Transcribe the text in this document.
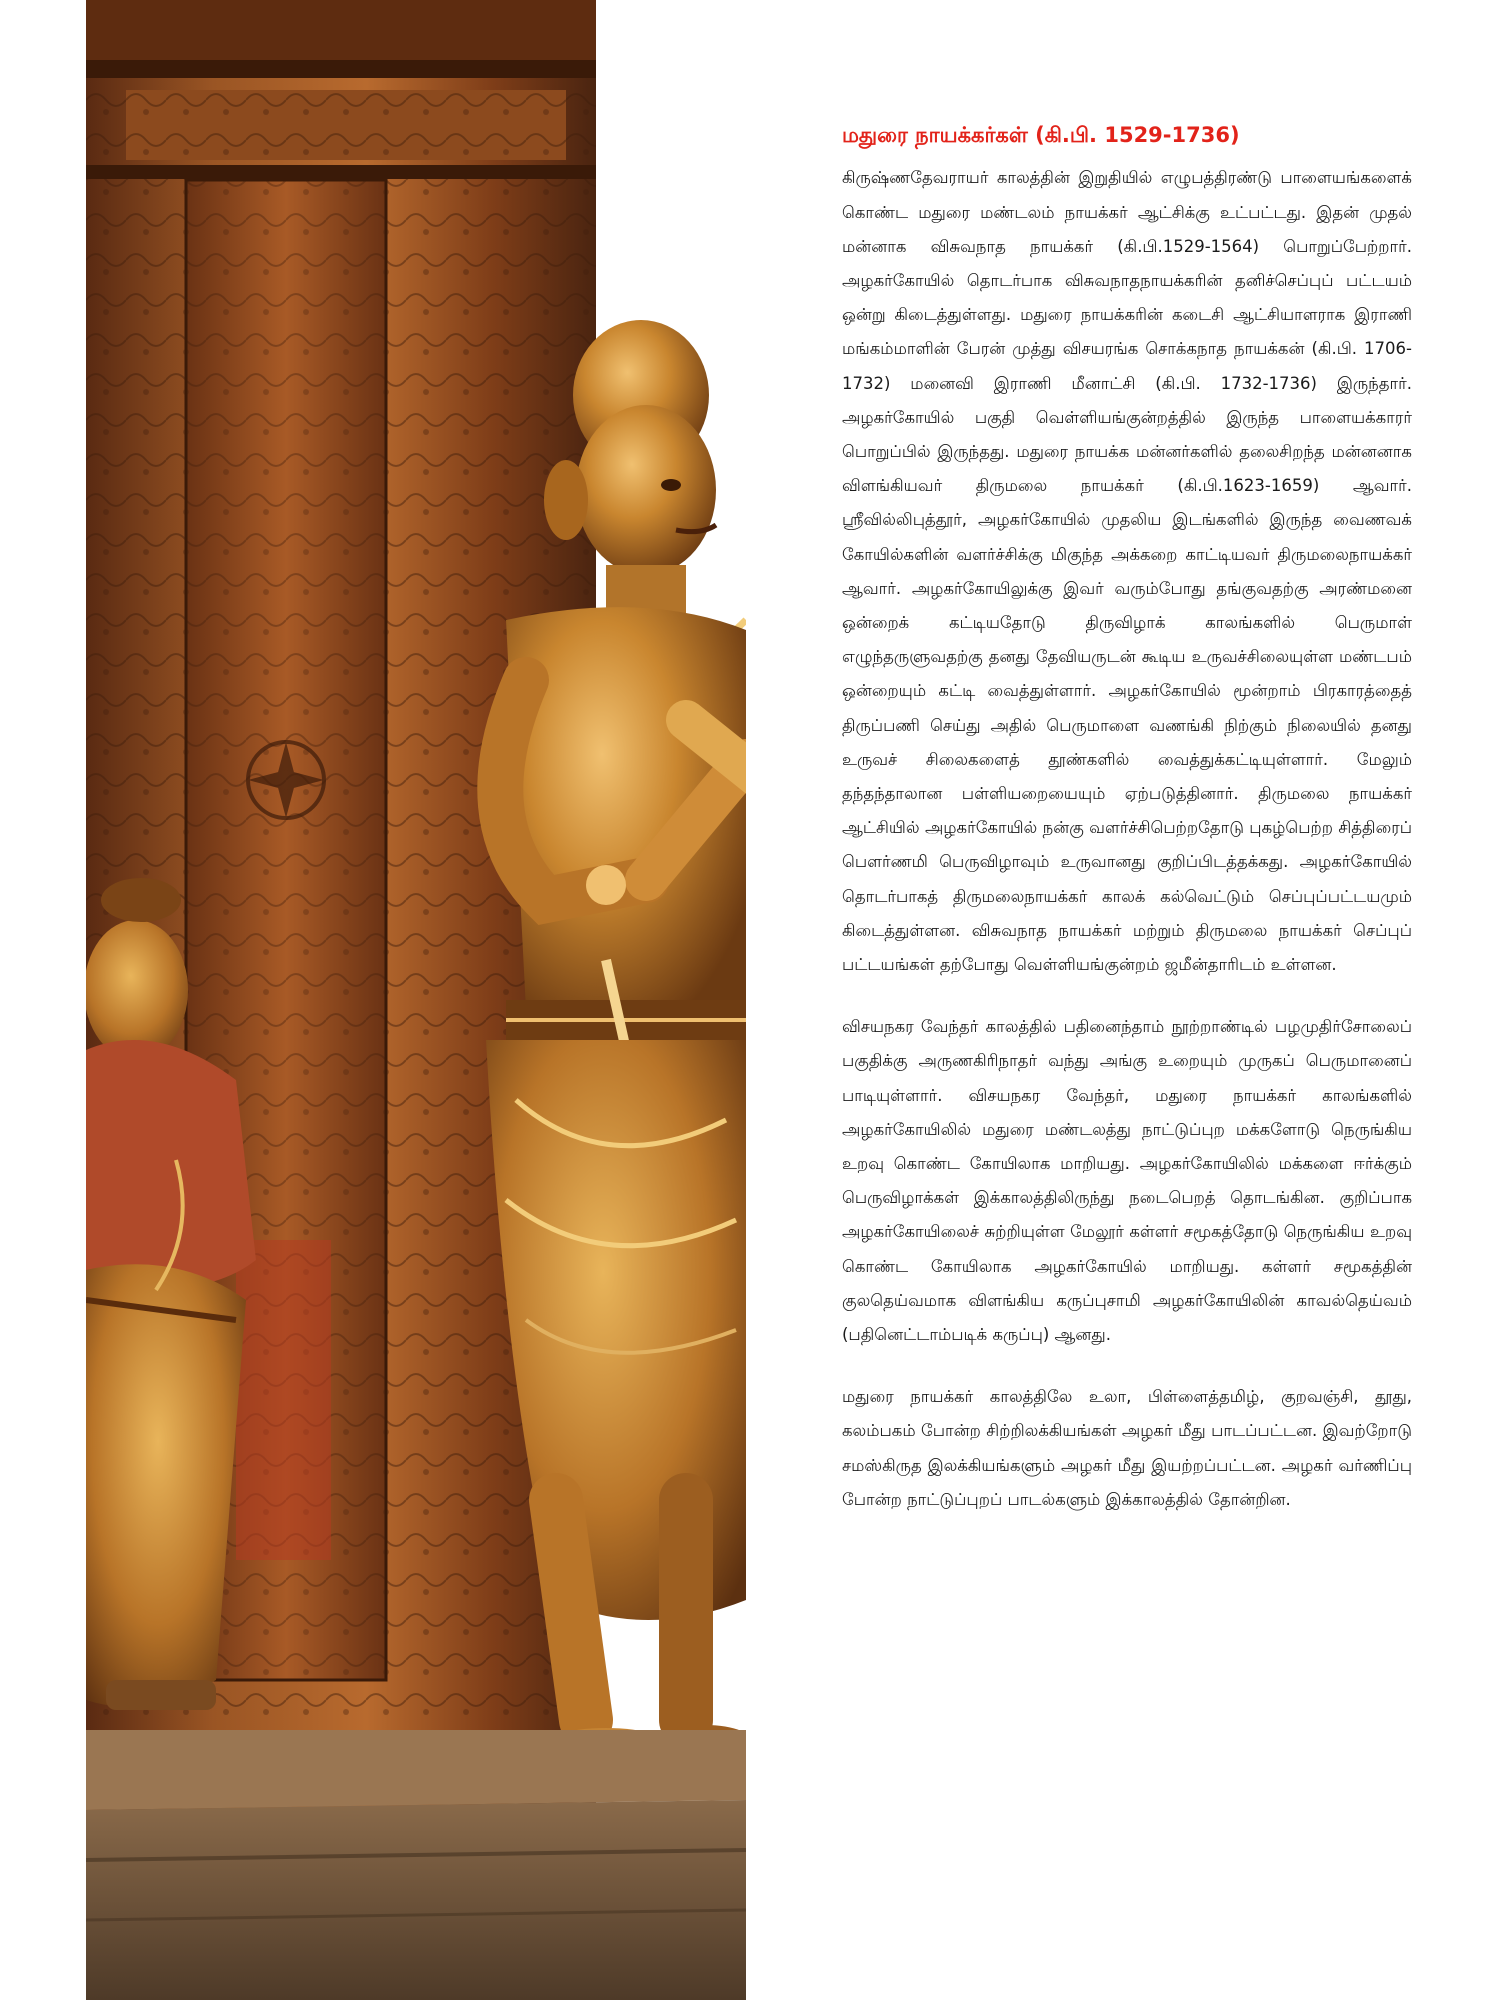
மதுரை நாயக்கர்கள் (கி.பி. 1529-1736)

கிருஷ்ணதேவராயர் காலத்தின் இறுதியில் எழுபத்திரண்டு பாளையங்களைக் கொண்ட மதுரை மண்டலம் நாயக்கர் ஆட்சிக்கு உட்பட்டது. இதன் முதல் மன்னாக விசுவநாத நாயக்கர் (கி.பி.1529-1564) பொறுப்பேற்றார். அழகர்கோயில் தொடர்பாக விசுவநாதநாயக்கரின் தனிச்செப்புப் பட்டயம் ஒன்று கிடைத்துள்ளது. மதுரை நாயக்கரின் கடைசி ஆட்சியாளராக இராணி மங்கம்மாளின் பேரன் முத்து விசயரங்க சொக்கநாத நாயக்கன் (கி.பி. 1706-1732) மனைவி இராணி மீனாட்சி (கி.பி. 1732-1736) இருந்தார். அழகர்கோயில் பகுதி வெள்ளியங்குன்றத்தில் இருந்த பாளையக்காரர் பொறுப்பில் இருந்தது. மதுரை நாயக்க மன்னர்களில் தலைசிறந்த மன்னனாக விளங்கியவர் திருமலை நாயக்கர் (கி.பி.1623-1659) ஆவார். ஸ்ரீவில்லிபுத்தூர், அழகர்கோயில் முதலிய இடங்களில் இருந்த வைணவக் கோயில்களின் வளர்ச்சிக்கு மிகுந்த அக்கறை காட்டியவர் திருமலைநாயக்கர் ஆவார். அழகர்கோயிலுக்கு இவர் வரும்போது தங்குவதற்கு அரண்மனை ஒன்றைக் கட்டியதோடு திருவிழாக் காலங்களில் பெருமாள் எழுந்தருளுவதற்கு தனது தேவியருடன் கூடிய உருவச்சிலையுள்ள மண்டபம் ஒன்றையும் கட்டி வைத்துள்ளார். அழகர்கோயில் மூன்றாம் பிரகாரத்தைத் திருப்பணி செய்து அதில் பெருமாளை வணங்கி நிற்கும் நிலையில் தனது உருவச் சிலைகளைத் தூண்களில் வைத்துக்கட்டியுள்ளார். மேலும் தந்தந்தாலான பள்ளியறையையும் ஏற்படுத்தினார். திருமலை நாயக்கர் ஆட்சியில் அழகர்கோயில் நன்கு வளர்ச்சிபெற்றதோடு புகழ்பெற்ற சித்திரைப் பௌர்ணமி பெருவிழாவும் உருவானது குறிப்பிடத்தக்கது. அழகர்கோயில் தொடர்பாகத் திருமலைநாயக்கர் காலக் கல்வெட்டும் செப்புப்பட்டயமும் கிடைத்துள்ளன. விசுவநாத நாயக்கர் மற்றும் திருமலை நாயக்கர் செப்புப் பட்டயங்கள் தற்போது வெள்ளியங்குன்றம் ஜமீன்தாரிடம் உள்ளன.

விசயநகர வேந்தர் காலத்தில் பதினைந்தாம் நூற்றாண்டில் பழமுதிர்சோலைப் பகுதிக்கு அருணகிரிநாதர் வந்து அங்கு உறையும் முருகப் பெருமானைப் பாடியுள்ளார். விசயநகர வேந்தர், மதுரை நாயக்கர் காலங்களில் அழகர்கோயிலில் மதுரை மண்டலத்து நாட்டுப்புற மக்களோடு நெருங்கிய உறவு கொண்ட கோயிலாக மாறியது. அழகர்கோயிலில் மக்களை ஈர்க்கும் பெருவிழாக்கள் இக்காலத்திலிருந்து நடைபெறத் தொடங்கின. குறிப்பாக அழகர்கோயிலைச் சுற்றியுள்ள மேலூர் கள்ளர் சமூகத்தோடு நெருங்கிய உறவு கொண்ட கோயிலாக அழகர்கோயில் மாறியது. கள்ளர் சமூகத்தின் குலதெய்வமாக விளங்கிய கருப்புசாமி அழகர்கோயிலின் காவல்தெய்வம் (பதினெட்டாம்படிக் கருப்பு) ஆனது.

மதுரை நாயக்கர் காலத்திலே உலா, பிள்ளைத்தமிழ், குறவஞ்சி, தூது, கலம்பகம் போன்ற சிற்றிலக்கியங்கள் அழகர் மீது பாடப்பட்டன. இவற்றோடு சமஸ்கிருத இலக்கியங்களும் அழகர் மீது இயற்றப்பட்டன. அழகர் வர்ணிப்பு போன்ற நாட்டுப்புறப் பாடல்களும் இக்காலத்தில் தோன்றின.
